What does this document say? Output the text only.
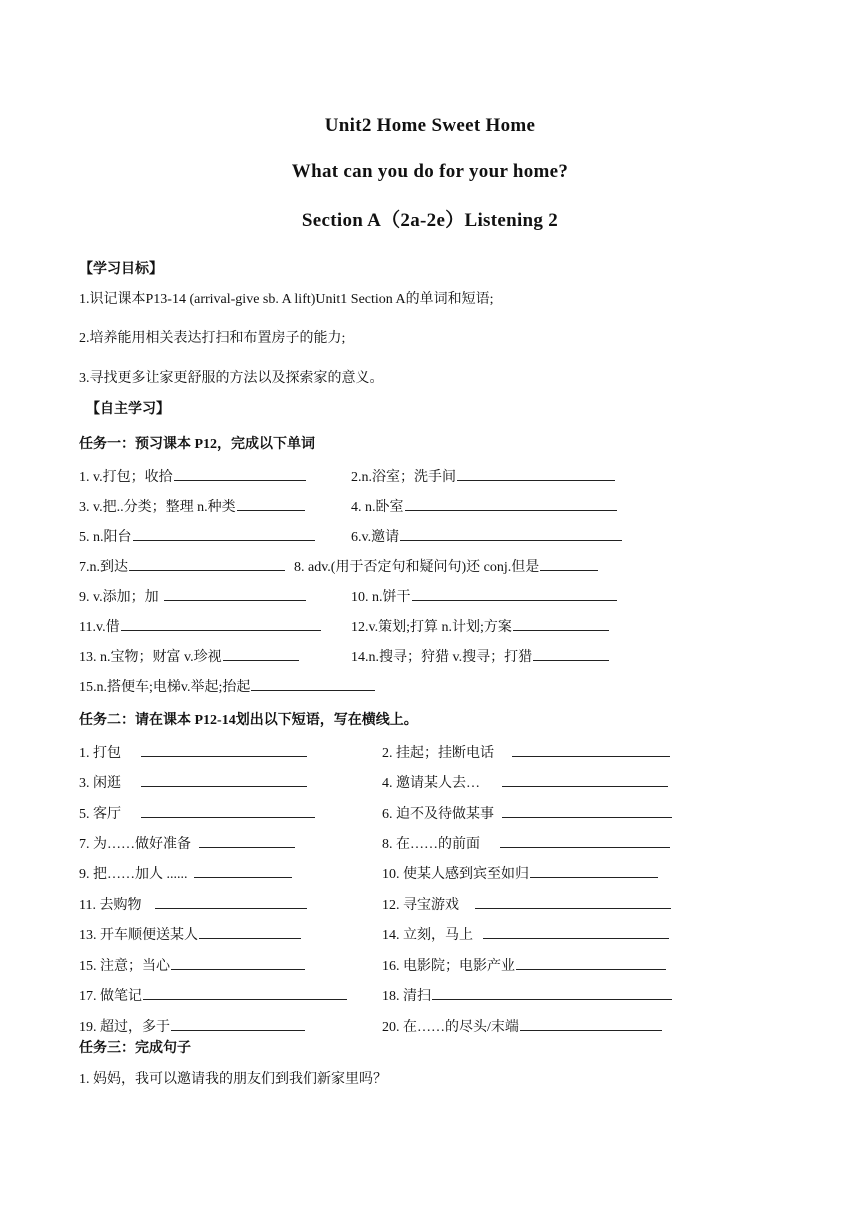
Unit2 Home Sweet Home
What can you do for your home?
Section A（2a-2e）Listening 2
【学习目标】
1.识记课本P13-14 (arrival-give sb. A lift)Unit1 Section A的单词和短语;
2.培养能用相关表达打扫和布置房子的能力;
3.寻找更多让家更舒服的方法以及探索家的意义。
【自主学习】
任务一：预习课本 P12，完成以下单词
1. v.打包；收拾	2.n.浴室；洗手间
3. v.把..分类；整理 n.种类	4. n.卧室
5. n.阳台	6.v.邀请
7.n.到达	8. adv.(用于否定句和疑问句)还 conj.但是
9. v.添加；加	10. n.饼干
11.v.借	12.v.策划;打算 n.计划;方案
13. n.宝物；财富 v.珍视	14.n.搜寻；狩猎 v.搜寻；打猎
15.n.搭便车;电梯v.举起;抬起
任务二：请在课本 P12-14划出以下短语，写在横线上。
1. 打包	2. 挂起；挂断电话
3. 闲逛	4. 邀请某人去…
5. 客厅	6. 迫不及待做某事
7. 为……做好准备	8. 在……的前面
9. 把……加人 ......	10. 使某人感到宾至如归
11. 去购物	12. 寻宝游戏
13. 开车顺便送某人	14. 立刻，马上
15. 注意；当心	16. 电影院；电影产业
17. 做笔记	18. 清扫
19. 超过，多于	20. 在……的尽头/末端
任务三：完成句子
1. 妈妈，我可以邀请我的朋友们到我们新家里吗？
